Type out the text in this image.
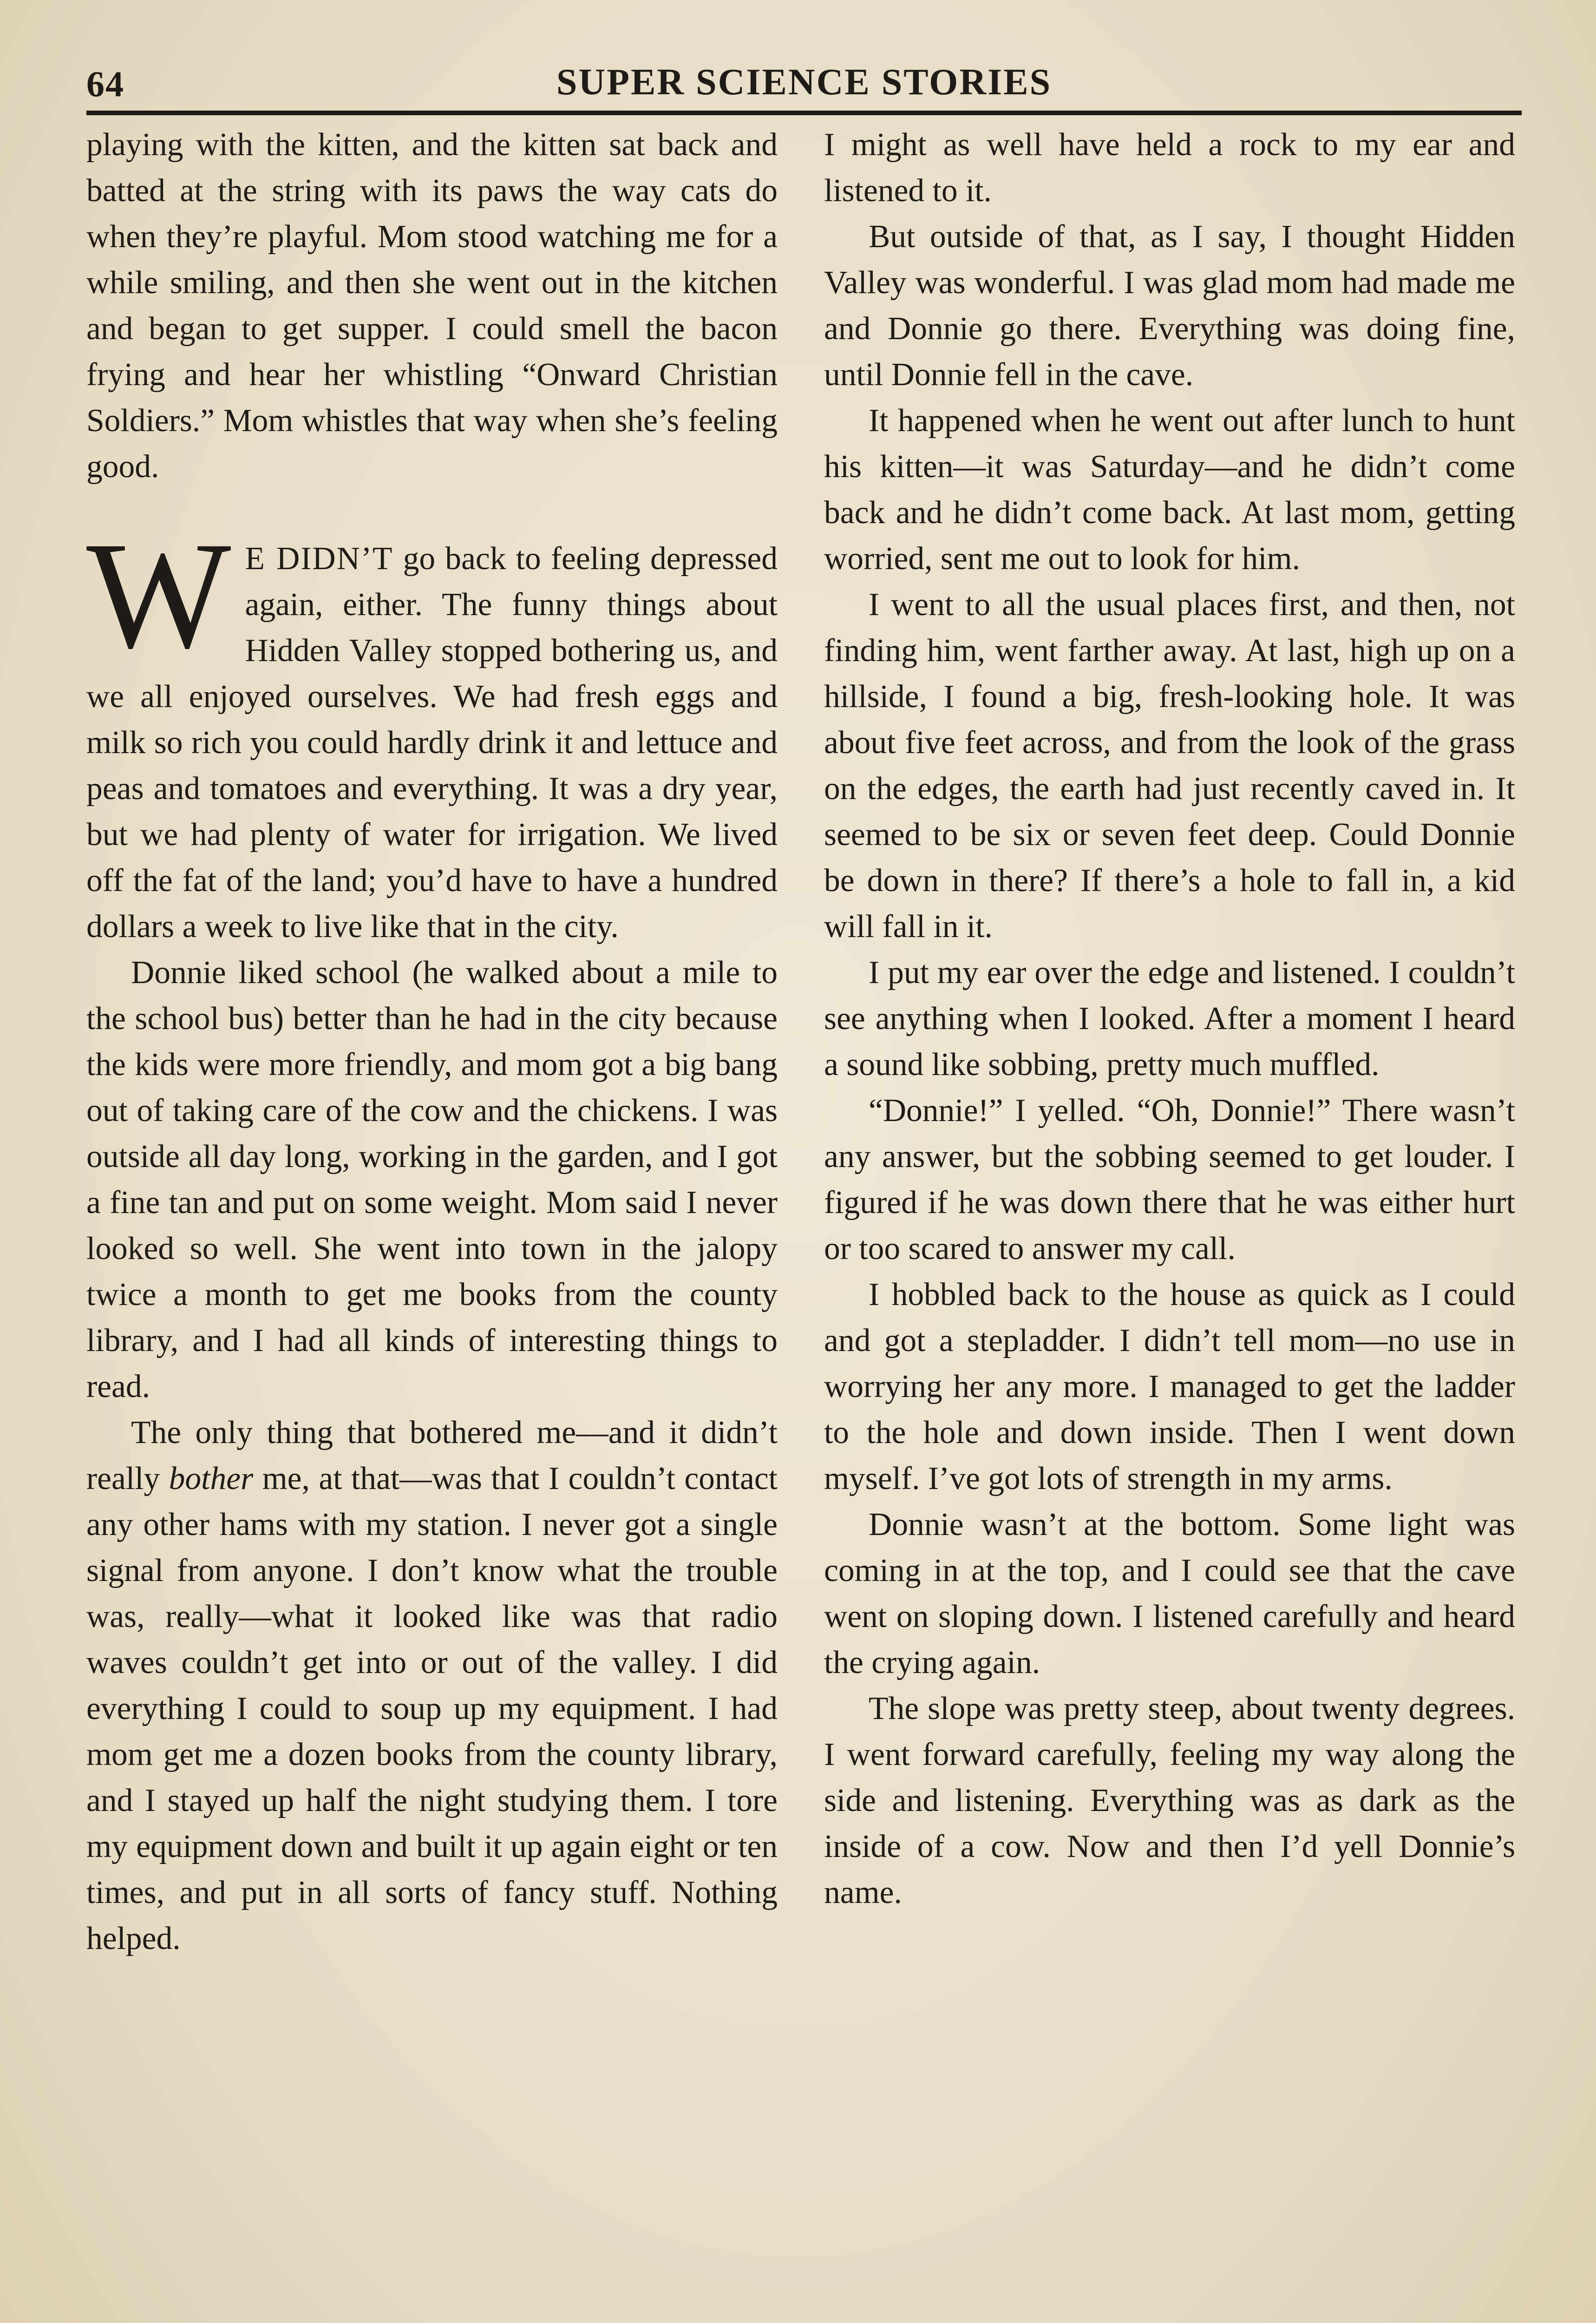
64	SUPER SCIENCE STORIES

playing with the kitten, and the kitten sat back and batted at the string with its paws the way cats do when they’re playful. Mom stood watching me for a while smiling, and then she went out in the kitchen and began to get supper. I could smell the bacon frying and hear her whistling “Onward Christian Soldiers.” Mom whistles that way when she’s feeling good.

W E DIDN’T go back to feeling depressed again, either. The funny things about Hidden Valley stopped bothering us, and we all enjoyed ourselves. We had fresh eggs and milk so rich you could hardly drink it and lettuce and peas and tomatoes and everything. It was a dry year, but we had plenty of water for irrigation. We lived off the fat of the land; you’d have to have a hundred dollars a week to live like that in the city.

Donnie liked school (he walked about a mile to the school bus) better than he had in the city because the kids were more friendly, and mom got a big bang out of taking care of the cow and the chickens. I was outside all day long, working in the garden, and I got a fine tan and put on some weight. Mom said I never looked so well. She went into town in the jalopy twice a month to get me books from the county library, and I had all kinds of interesting things to read.

The only thing that bothered me—and it didn’t really bother me, at that—was that I couldn’t contact any other hams with my station. I never got a single signal from anyone. I don’t know what the trouble was, really—what it looked like was that radio waves couldn’t get into or out of the valley. I did everything I could to soup up my equipment. I had mom get me a dozen books from the county library, and I stayed up half the night studying them. I tore my equipment down and built it up again eight or ten times, and put in all sorts of fancy stuff. Nothing helped.

I might as well have held a rock to my ear and listened to it.

But outside of that, as I say, I thought Hidden Valley was wonderful. I was glad mom had made me and Donnie go there. Everything was doing fine, until Donnie fell in the cave.

It happened when he went out after lunch to hunt his kitten—it was Saturday—and he didn’t come back and he didn’t come back. At last mom, getting worried, sent me out to look for him.

I went to all the usual places first, and then, not finding him, went farther away. At last, high up on a hillside, I found a big, fresh-looking hole. It was about five feet across, and from the look of the grass on the edges, the earth had just recently caved in. It seemed to be six or seven feet deep. Could Donnie be down in there? If there’s a hole to fall in, a kid will fall in it.

I put my ear over the edge and listened. I couldn’t see anything when I looked. After a moment I heard a sound like sobbing, pretty much muffled.

“Donnie!” I yelled. “Oh, Donnie!” There wasn’t any answer, but the sobbing seemed to get louder. I figured if he was down there that he was either hurt or too scared to answer my call.

I hobbled back to the house as quick as I could and got a stepladder. I didn’t tell mom—no use in worrying her any more. I managed to get the ladder to the hole and down inside. Then I went down myself. I’ve got lots of strength in my arms.

Donnie wasn’t at the bottom. Some light was coming in at the top, and I could see that the cave went on sloping down. I listened carefully and heard the crying again.

The slope was pretty steep, about twenty degrees. I went forward carefully, feeling my way along the side and listening. Everything was as dark as the inside of a cow. Now and then I’d yell Donnie’s name.
